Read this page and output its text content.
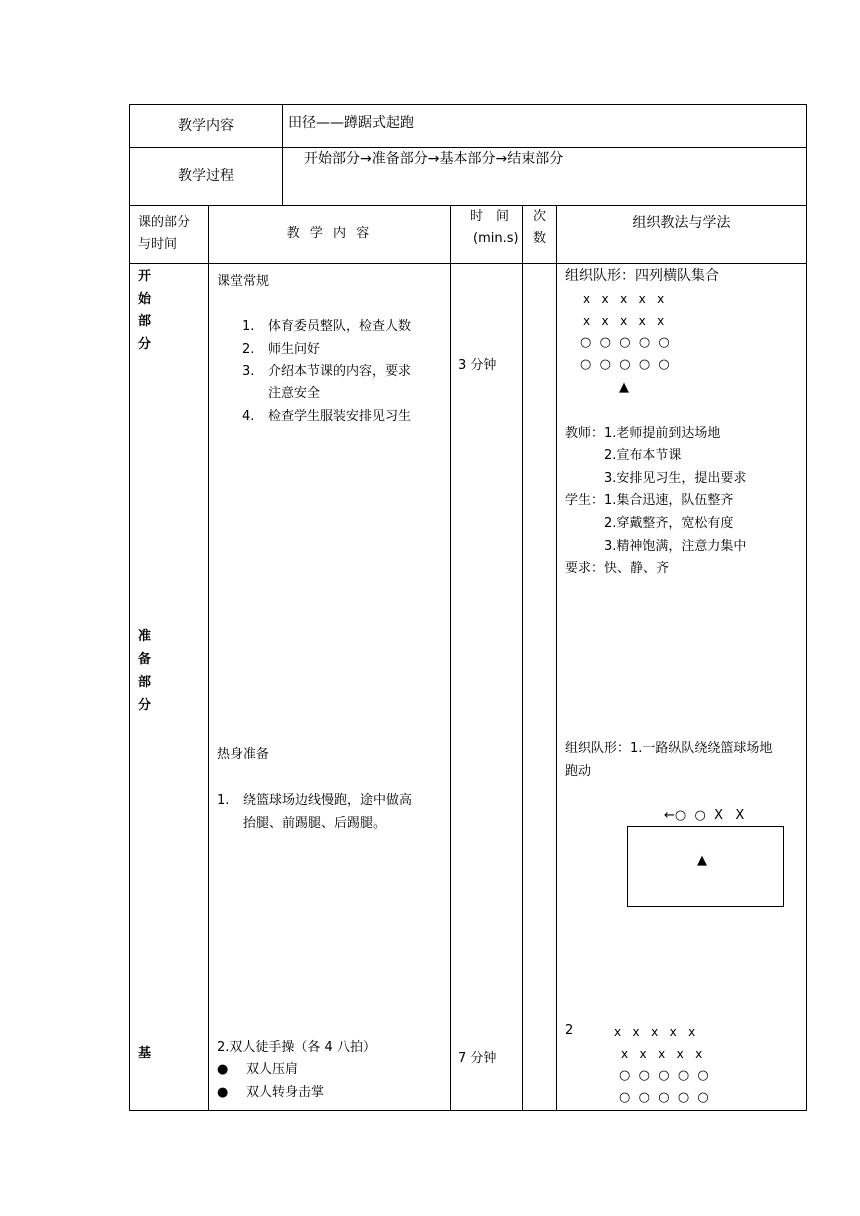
教学内容	田径——蹲踞式起跑
教学过程
开始部分→准备部分→基本部分→结束部分
课的部分
与时间
教 学 内 容
时　间
(min.s)
次
数
组织教法与学法
开
始
部
分
准
备
部
分
基
课堂常规
1. 体育委员整队，检查人数
2. 师生问好
3. 介绍本节课的内容，要求
注意安全
4. 检查学生服装安排见习生
3 分钟
组织队形：四列横队集合
x   x   x   x   x
x   x   x   x   x
○  ○  ○  ○  ○
○  ○  ○  ○  ○
▲
教师：1.老师提前到达场地
　　　2.宣布本节课
　　　3.安排见习生，提出要求
学生：1.集合迅速，队伍整齐
　　　2.穿戴整齐，宽松有度
　　　3.精神饱满，注意力集中
要求：快、静、齐
热身准备
1. 绕篮球场边线慢跑，途中做高
抬腿、前踢腿、后踢腿。
组织队形：1.一路纵队绕绕篮球场地
跑动
←○  ○  X   X
▲
2.双人徒手操（各 4 八拍）
● 双人压肩
● 双人转身击掌
7 分钟
2	x   x   x   x   x
x   x   x   x   x
○  ○  ○  ○  ○
○  ○  ○  ○  ○
